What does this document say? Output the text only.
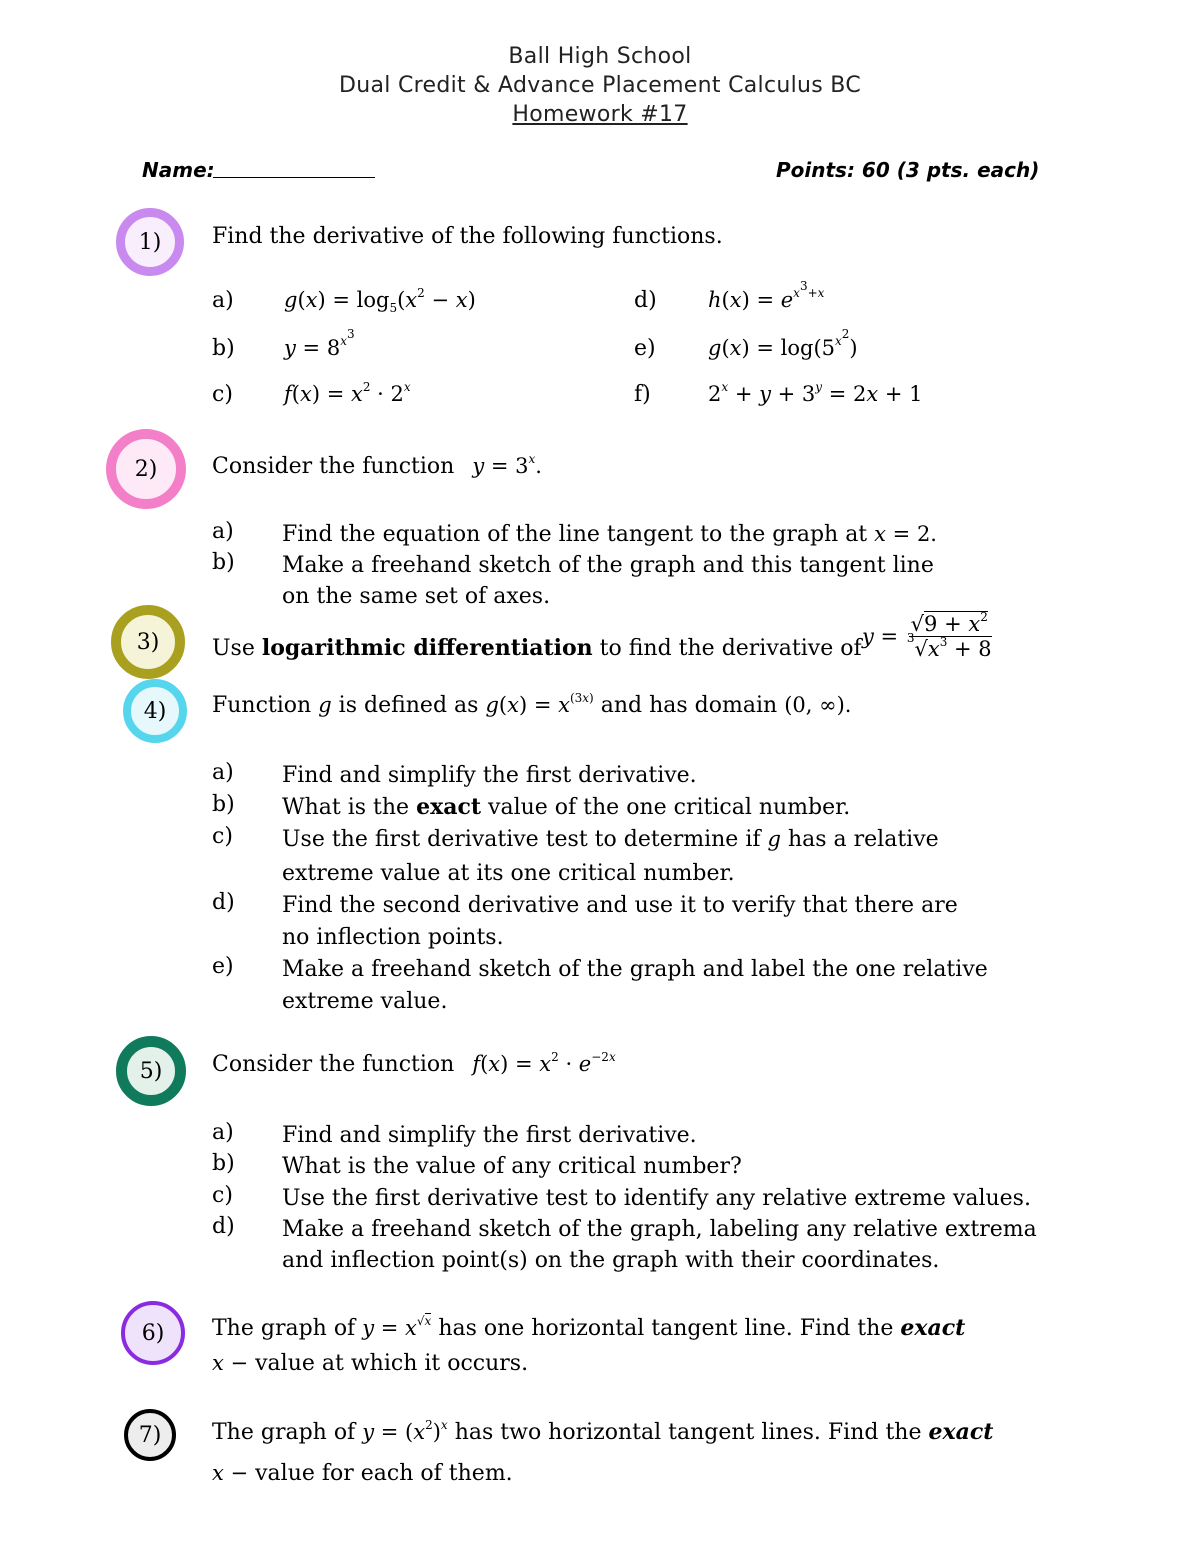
Ball High School
Dual Credit & Advance Placement Calculus BC
Homework #17
Name:	Points: 60 (3 pts. each)
1) Find the derivative of the following functions.
a) $g(x) = \log_5(x^2 - x)$
b) $y = 8^{x^3}$
c) $f(x) = x^2 \cdot 2^x$
d) $h(x) = e^{x^3+x}$
e) $g(x) = \log(5^{x^2})$
f)	$2^x + y + 3^y = 2x + 1$
2) Consider the function $y = 3^x$.
a) Find the equation of the line tangent to the graph at x = 2.
b) Make a freehand sketch of the graph and this tangent line
on the same set of axes.
3) Use logarithmic differentiation to find the derivative of $y = \frac{√9 + x^2}{^3√x^3 + 8}$
4) Function g is defined as $g(x) = x^{(3x)}$ and has domain (0, ∞).
a) Find and simplify the first derivative.
b) What is the exact value of the one critical number.
c) Use the first derivative test to determine if g has a relative
extreme value at its one critical number.
d) Find the second derivative and use it to verify that there are
no inflection points.
e) Make a freehand sketch of the graph and label the one relative
extreme value.
5) Consider the function $f(x) = x^2 \cdot e^{-2x}$
a) Find and simplify the first derivative.
b) What is the value of any critical number?
c) Use the first derivative test to identify any relative extreme values.
d) Make a freehand sketch of the graph, labeling any relative extrema
and inflection point(s) on the graph with their coordinates.
6) The graph of $y = x^{√x}$ has one horizontal tangent line. Find the exact
x − value at which it occurs.
7) The graph of $y = (x^2)^x$ has two horizontal tangent lines. Find the exact
x − value for each of them.
